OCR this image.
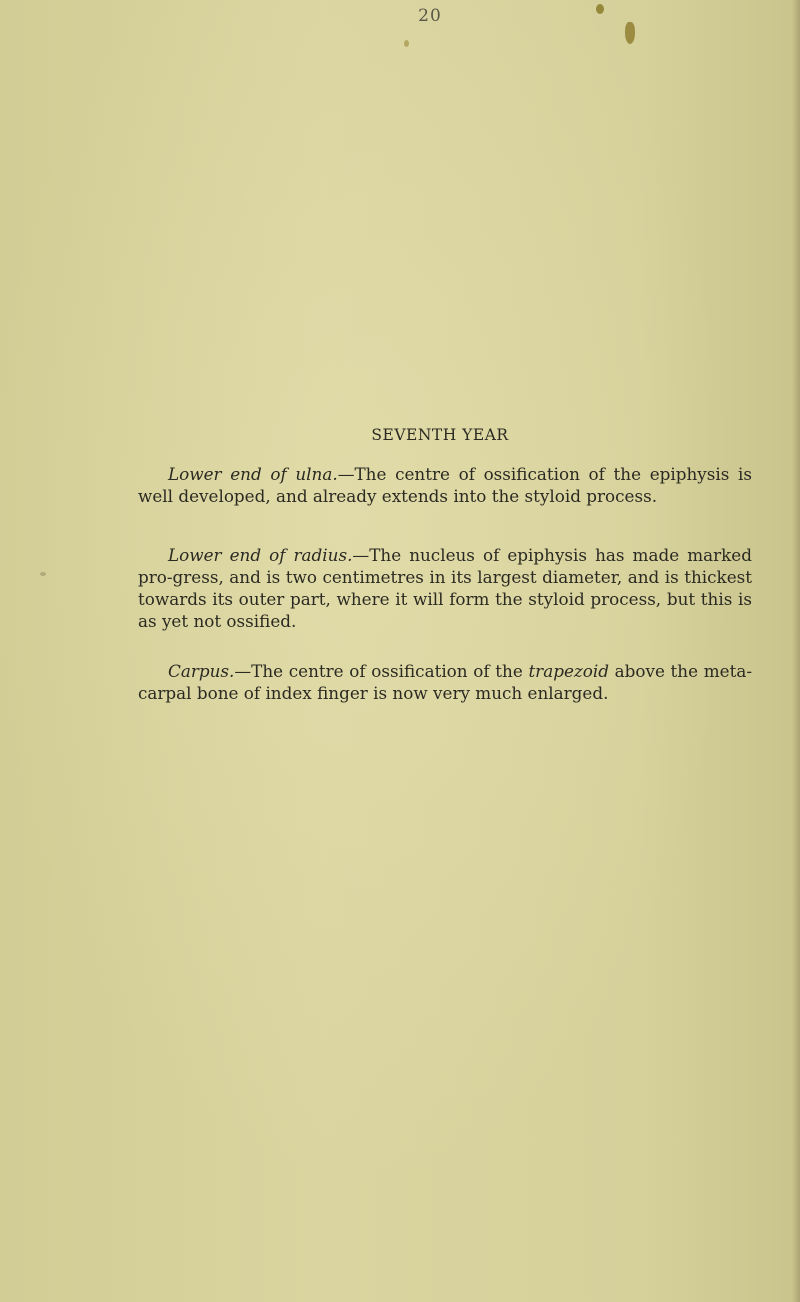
20
SEVENTH YEAR

Lower end of ulna.—The centre of ossification of the epiphysis is well developed, and already extends into the styloid process.

Lower end of radius.—The nucleus of epiphysis has made marked pro-gress, and is two centimetres in its largest diameter, and is thickest towards its outer part, where it will form the styloid process, but this is as yet not ossified.

Carpus.—The centre of ossification of the trapezoid above the meta-carpal bone of index finger is now very much enlarged.
